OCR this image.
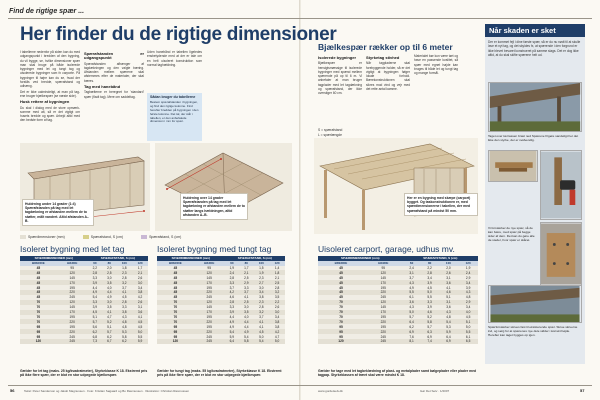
Find de rigtige spær ...
Her finder du de rigtige dimensioner
I tabellerne nedenfor på siden kan du med udgangspunkt i bredden af den bygning, du vil bygge, se, hvilke dimensioner spær man skal bruge på både isolerede bygninger med let og tungt tag og uisolerede bygninger som fx carporte. På bygninger til højre kan du se, hvad der forstås ved bredde, spærafstand og udhæng.
Det er ikke ualmindeligt, at man på tag- ene bruger bjælkespær (se næste side).
Husk rettere af bygningen
Du skal i dialog med de store opmærk- somme med alt, så er det vigtigt om husets bredde og spær. Arbejd altid med den bedste form af tag.
Spærafstanden er udgangspunkt
Spærafstanden afhænger af tagdækningen og den valgte bæring. Afstanden mellem spærene skal afstemmes efter de materialer, der skal bæres.
Tag med hanebånd
Tagbælterne er beregnet for 'standard' spær (fladt tag). Mere om saddeltag.
Uden hanebånd er tabellen ligeledes ensbetydende med at der er tale om en helt uisoleret konstruktion som normal taghældning.
Sådan bruger du tabellerne
Bestem spærafstanden i bygningen, og find den rigtige kolonne. Find herefter bredden på bygningen i den første kolonne. Det tal, der står i tabellen, er den anbefalede dimension i mm for spær.
Huldrning under 14 grader (1:4) Spærafstanden på tag med let tagdækning er afstanden mellem de to støtter, målt vandret. Altid afstanden A–B.
Huldrning over 14 grader Spærafstanden på tag med let tagdækning er afstanden mellem de to støtter langs hældningen, altid afstanden A–B.
Bjælkespær rækker op til 6 meter
Isolerede bygninger
Bjælkespær er hensigtsmæssige til isolerede bygninger med spænd mellem spærende på op til 6 m. Vi anbefaler at man bruger tagplader med let tagdækning og spærafstand, der ikke overstiger 60 cm.
Styrketag stivhed
Når tagpladerne skal forebyggende holder, så er det vigtigt at bygningen følger lokale forhold. Bærekonstruktionen skal sikres mod vind og vejr med det rette antal kamme.
Materialet bør kun være tørt og have en passende kvalitet, så spær med egnet højde kan bruges til både let og tungt tag og mange formål.
S = spærafstand
L = spærlængde
Her er en bygning med skæpe (carport) bygget. Og taskonstruktionen er, med spærdimensionerne i tabellen, der med spærafstand på mindst 50 mm.
Når skaden er sket
Der er kommet fejl i dine første spær, så er du nu nødt til at skulle lave et nyt tag, og det skyldes fx, at spærende i den forgrund er ikke blevet bevaret konstrueret på samme slags. Det er dog ikke altid, at du skal skifte spærene helt ud.
Taget over tærrassen brast ned Spærene frigøre sandeligt her det ikke den styrke, der er nødvendig.
Vi forstærker de nye spær, så de kan bære, med spær på begge sider af dem. Det kan du gøre alle de steder, hvor spær er skåret.
Spærforstærker skrues fast til eksisterende spær. Skrue skruerne ind, og sørg for at spærenes nye dele sidder i korrekt højde. Herefter kan taget bygges op igen.
Spærdimensioner (mm)	Spærafstand, S (cm)	Spærafstand, S (cm)
Isoleret bygning med let tag	Isoleret bygning med tungt tag	Uisoleret carport, garage, udhus mv.
SPÆRDIMENSIONER (mm)		SPÆRAFSTAND, S (cm)			
BREDDE	HØJDE	60	80	100	120
45	95	2,2	2,0	1,8	1,7
45	120	2,8	2,5	2,3	2,1
45	145	3,3	3,0	2,8	2,6
45	170	3,9	3,5	3,2	3,0
45	195	4,4	4,0	3,7	3,4
45	220	4,9	4,4	4,1	3,8
45	245	5,4	4,9	4,5	4,2
70	120	3,3	3,0	2,8	2,6
70	145	3,9	3,5	3,3	3,1
70	170	4,5	4,1	3,8	3,6
70	195	5,1	4,7	4,3	4,1
70	220	5,7	5,2	4,8	4,5
95	195	5,6	5,1	4,8	4,5
95	220	6,2	5,7	5,3	5,0
95	245	6,8	6,2	5,8	5,5
120	245	7,3	6,7	6,2	5,9
SPÆRDIMENSIONER (mm)		SPÆRAFSTAND, S (cm)			
BREDDE	HØJDE	60	80	100	120
45	95	1,9	1,7	1,5	1,4
45	120	2,4	2,1	1,9	1,8
45	145	2,8	2,5	2,3	2,1
45	170	3,3	2,9	2,7	2,5
45	195	3,7	3,3	3,0	2,8
45	220	4,2	3,7	3,4	3,2
45	245	4,6	4,1	3,8	3,5
70	120	2,8	2,5	2,3	2,2
70	145	3,3	3,0	2,8	2,6
70	170	3,9	3,5	3,2	3,0
70	195	4,4	4,0	3,7	3,4
70	220	4,9	4,4	4,1	3,8
95	195	4,9	4,4	4,1	3,8
95	220	5,4	4,9	4,5	4,2
95	245	5,9	5,4	5,0	4,7
120	245	6,4	5,8	5,4	5,0
SPÆRDIMENSIONER (mm)		SPÆRAFSTAND, S (cm)			
BREDDE	HØJDE	60	80	100	120
45	95	2,4	2,2	2,0	1,9
45	120	3,1	2,8	2,6	2,4
45	145	3,7	3,4	3,1	2,9
45	170	4,3	3,9	3,6	3,4
45	195	4,9	4,5	4,1	3,9
45	220	5,5	5,0	4,6	4,3
45	245	6,1	5,5	5,1	4,8
70	120	3,6	3,3	3,1	2,9
70	145	4,3	3,9	3,6	3,4
70	170	5,0	4,6	4,3	4,0
70	195	5,7	5,2	4,8	4,5
70	220	6,4	5,8	5,4	5,1
95	195	6,2	5,7	5,3	5,0
95	220	6,9	6,3	5,9	5,5
95	245	7,6	6,9	6,4	6,1
120	245	8,1	7,4	6,9	6,5
Gælder for let tag (maks. 25 kg/kvadratmeter), Styrkeklasse K 18. Ekstremt pris på ikke flere spær, der er blot en stor udpegede bjælkespær.
Gælder for tungt tag (maks. 55 kg/kvadratmeter), Styrkeklasse K 18. Ekstremt pris på ikke flere spær, der er blot en stor udpegede bjælkespær.
Gælder for tage med let tagbeklædning af plast- og metalplader samt bølgeplader eller plader med tagpap. Styrkeklassen af træet skal være mindst K 18.
56	Tekst: Peter Sanderson og Jakob Magnussen · Foto: Kristian Søgaard og Bo Rasmussen · Illustration: Christian Rasmussen	Gør Det Selv · 1/2007
www.gordetselv.dk	57
